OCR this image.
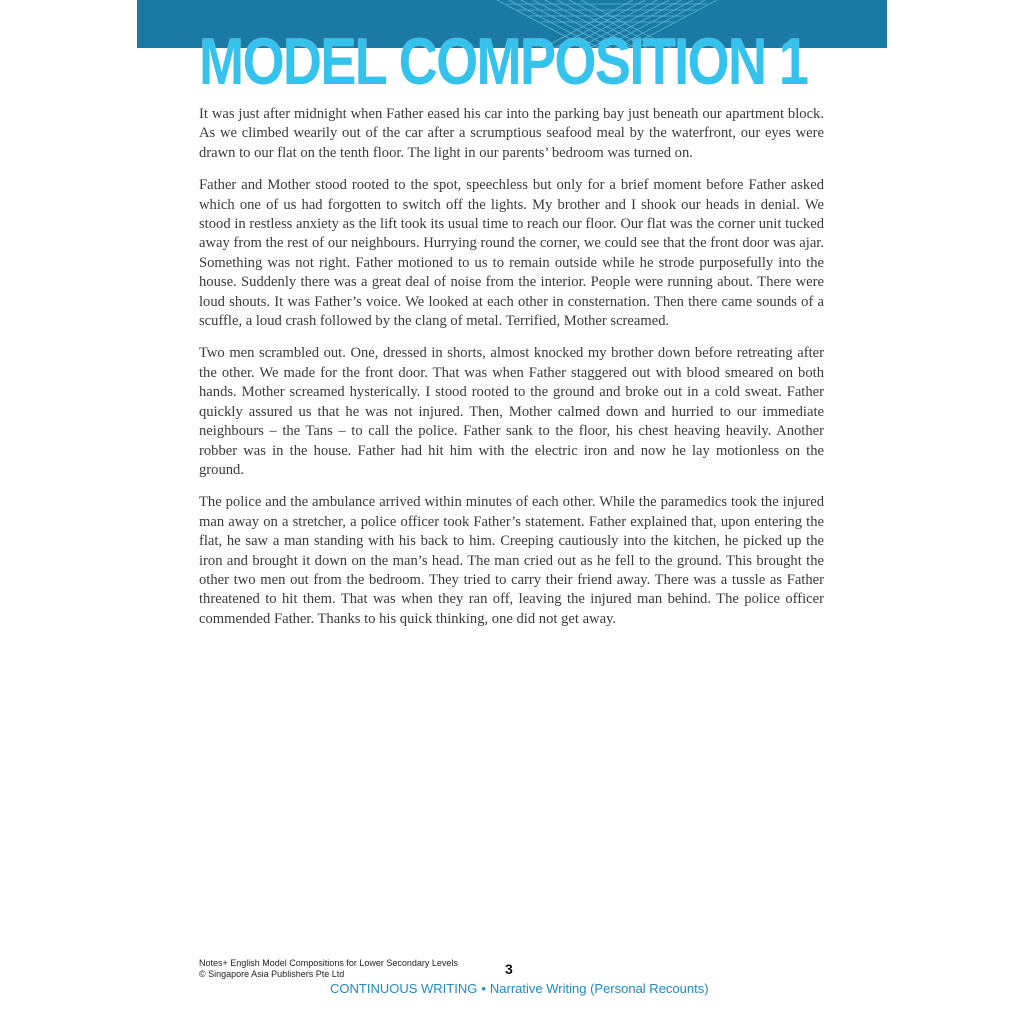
MODEL COMPOSITION 1

It was just after midnight when Father eased his car into the parking bay just beneath our apartment block. As we climbed wearily out of the car after a scrumptious seafood meal by the waterfront, our eyes were drawn to our flat on the tenth floor. The light in our parents’ bedroom was turned on.

Father and Mother stood rooted to the spot, speechless but only for a brief moment before Father asked which one of us had forgotten to switch off the lights. My brother and I shook our heads in denial. We stood in restless anxiety as the lift took its usual time to reach our floor. Our flat was the corner unit tucked away from the rest of our neighbours. Hurrying round the corner, we could see that the front door was ajar. Something was not right. Father motioned to us to remain outside while he strode purposefully into the house. Suddenly there was a great deal of noise from the interior. People were running about. There were loud shouts. It was Father’s voice. We looked at each other in consternation. Then there came sounds of a scuffle, a loud crash followed by the clang of metal. Terrified, Mother screamed.

Two men scrambled out. One, dressed in shorts, almost knocked my brother down before retreating after the other. We made for the front door. That was when Father staggered out with blood smeared on both hands. Mother screamed hysterically. I stood rooted to the ground and broke out in a cold sweat. Father quickly assured us that he was not injured. Then, Mother calmed down and hurried to our immediate neighbours – the Tans – to call the police. Father sank to the floor, his chest heaving heavily. Another robber was in the house. Father had hit him with the electric iron and now he lay motionless on the ground.

The police and the ambulance arrived within minutes of each other. While the paramedics took the injured man away on a stretcher, a police officer took Father’s statement. Father explained that, upon entering the flat, he saw a man standing with his back to him. Creeping cautiously into the kitchen, he picked up the iron and brought it down on the man’s head. The man cried out as he fell to the ground. This brought the other two men out from the bedroom. They tried to carry their friend away. There was a tussle as Father threatened to hit them. That was when they ran off, leaving the injured man behind. The police officer commended Father. Thanks to his quick thinking, one did not get away.

Notes+ English Model Compositions for Lower Secondary Levels
© Singapore Asia Publishers Pte Ltd	3
CONTINUOUS WRITING • Narrative Writing (Personal Recounts)
